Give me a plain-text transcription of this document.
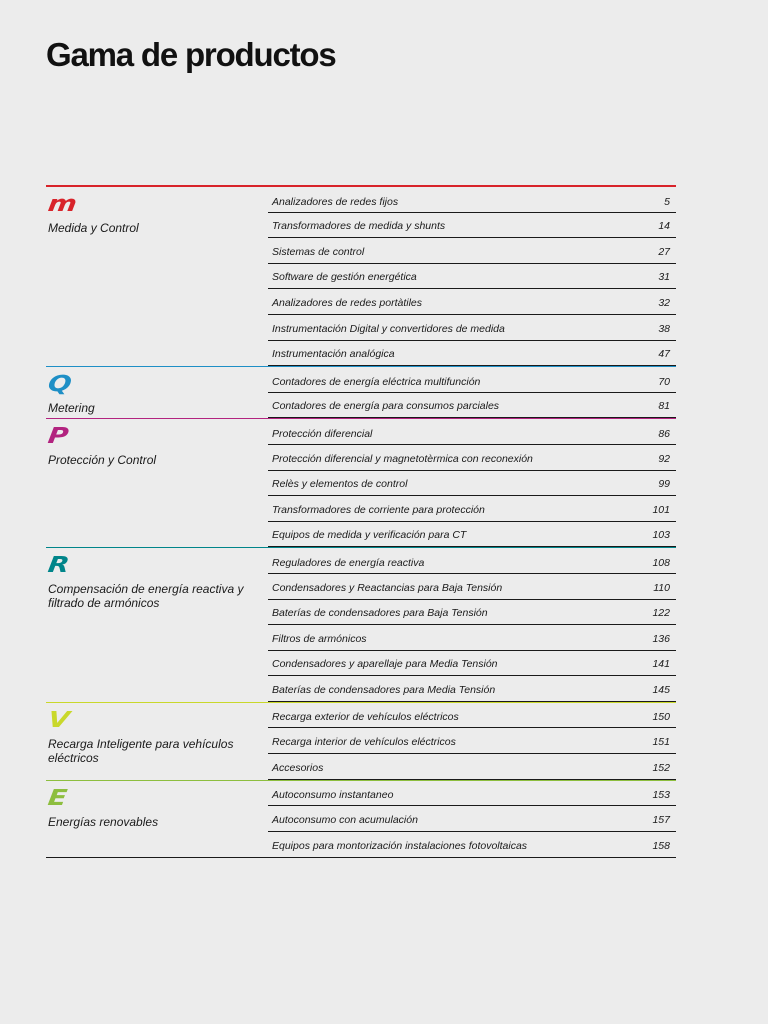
Gama de productos
m
Medida y Control
Analizadores de redes fijos	5
Transformadores de medida y shunts	14
Sistemas de control	27
Software de gestión energética	31
Analizadores de redes portàtiles	32
Instrumentación Digital y convertidores de medida	38
Instrumentación analógica	47
Q
Metering
Contadores de energía eléctrica multifunción	70
Contadores de energía para consumos parciales	81
P
Protección y Control
Protección diferencial	86
Protección diferencial y magnetotèrmica con reconexión	92
Relès y elementos de control	99
Transformadores de corriente para protección	101
Equipos de medida y verificación para CT	103
R
Compensación de energía reactiva y filtrado de armónicos
Reguladores de energía reactiva	108
Condensadores y Reactancias para Baja Tensión	110
Baterías de condensadores para Baja Tensión	122
Filtros de armónicos	136
Condensadores y aparellaje para Media Tensión	141
Baterías de condensadores para Media Tensión	145
V
Recarga Inteligente para vehículos eléctricos
Recarga exterior de vehículos eléctricos	150
Recarga interior de vehículos eléctricos	151
Accesorios	152
E
Energías renovables
Autoconsumo instantaneo	153
Autoconsumo con acumulación	157
Equipos para montorización instalaciones fotovoltaicas	158
